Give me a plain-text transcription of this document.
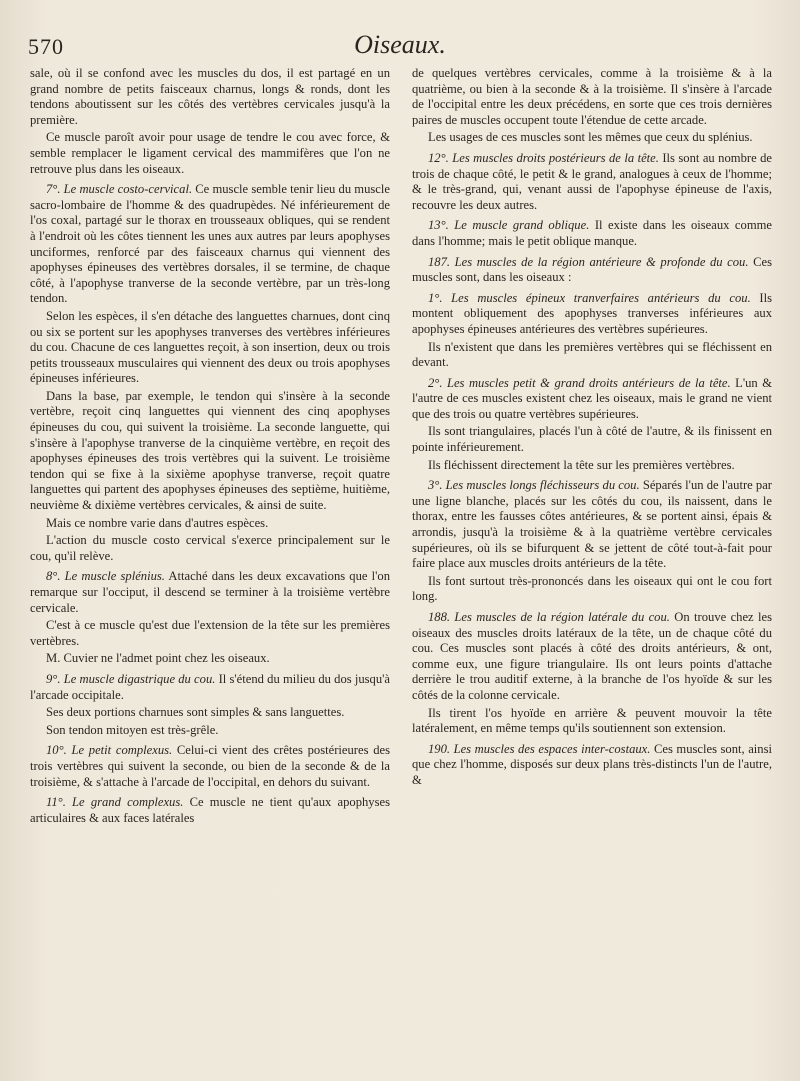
570	Oiseaux.

sale, où il se confond avec les muscles du dos, il est partagé en un grand nombre de petits faisceaux charnus, longs & ronds, dont les tendons aboutissent sur les côtés des vertèbres cervicales jusqu'à la première.

Ce muscle paroît avoir pour usage de tendre le cou avec force, & semble remplacer le ligament cervical des mammifères que l'on ne retrouve plus dans les oiseaux.

7°. Le muscle costo-cervical. Ce muscle semble tenir lieu du muscle sacro-lombaire de l'homme & des quadrupèdes. Né inférieurement de l'os coxal, partagé sur le thorax en trousseaux obliques, qui se rendent à l'endroit où les côtes tiennent les unes aux autres par leurs apophyses unciformes, renforcé par des faisceaux charnus qui viennent des apophyses épineuses des vertèbres dorsales, il se termine, de chaque côté, à l'apophyse tranverse de la seconde vertèbre, par un très-long tendon.

Selon les espèces, il s'en détache des languettes charnues, dont cinq ou six se portent sur les apophyses tranverses des vertèbres inférieures du cou. Chacune de ces languettes reçoit, à son insertion, deux ou trois petits trousseaux musculaires qui viennent des deux ou trois apophyses épineuses inférieures.

Dans la base, par exemple, le tendon qui s'insère à la seconde vertèbre, reçoit cinq languettes qui viennent des cinq apophyses épineuses du cou, qui suivent la troisième. La seconde languette, qui s'insère à l'apophyse tranverse de la cinquième vertèbre, en reçoit des apophyses épineuses des trois vertèbres qui la suivent. Le troisième tendon qui se fixe à la sixième apophyse tranverse, reçoit quatre languettes qui partent des apophyses épineuses des septième, huitième, neuvième & dixième vertèbres cervicales, & ainsi de suite.

Mais ce nombre varie dans d'autres espèces.

L'action du muscle costo cervical s'exerce principalement sur le cou, qu'il relève.

8°. Le muscle splénius. Attaché dans les deux excavations que l'on remarque sur l'occiput, il descend se terminer à la troisième vertèbre cervicale.

C'est à ce muscle qu'est due l'extension de la tête sur les premières vertèbres.

M. Cuvier ne l'admet point chez les oiseaux.

9°. Le muscle digastrique du cou. Il s'étend du milieu du dos jusqu'à l'arcade occipitale.

Ses deux portions charnues sont simples & sans languettes.

Son tendon mitoyen est très-grêle.

10°. Le petit complexus. Celui-ci vient des crêtes postérieures des trois vertèbres qui suivent la seconde, ou bien de la seconde & de la troisième, & s'attache à l'arcade de l'occipital, en dehors du suivant.

11°. Le grand complexus. Ce muscle ne tient qu'aux apophyses articulaires & aux faces latérales

de quelques vertèbres cervicales, comme à la troisième & à la quatrième, ou bien à la seconde & à la troisième. Il s'insère à l'arcade de l'occipital entre les deux précédens, en sorte que ces trois dernières paires de muscles occupent toute l'étendue de cette arcade.

Les usages de ces muscles sont les mêmes que ceux du splénius.

12°. Les muscles droits postérieurs de la tête. Ils sont au nombre de trois de chaque côté, le petit & le grand, analogues à ceux de l'homme; & le très-grand, qui, venant aussi de l'apophyse épineuse de l'axis, recouvre les deux autres.

13°. Le muscle grand oblique. Il existe dans les oiseaux comme dans l'homme; mais le petit oblique manque.

187. Les muscles de la région antérieure & profonde du cou. Ces muscles sont, dans les oiseaux :

1°. Les muscles épineux tranverfaires antérieurs du cou. Ils montent obliquement des apophyses tranverses inférieures aux apophyses épineuses antérieures des vertèbres supérieures.

Ils n'existent que dans les premières vertèbres qui se fléchissent en devant.

2°. Les muscles petit & grand droits antérieurs de la tête. L'un & l'autre de ces muscles existent chez les oiseaux, mais le grand ne vient que des trois ou quatre vertèbres supérieures.

Ils sont triangulaires, placés l'un à côté de l'autre, & ils finissent en pointe inférieurement.

Ils fléchissent directement la tête sur les premières vertèbres.

3°. Les muscles longs fléchisseurs du cou. Séparés l'un de l'autre par une ligne blanche, placés sur les côtés du cou, ils naissent, dans le thorax, entre les fausses côtes antérieures, & se portent ainsi, épais & arrondis, jusqu'à la troisième & à la quatrième vertèbre cervicales supérieures, où ils se bifurquent & se jettent de côté tout-à-fait pour faire place aux muscles droits antérieurs de la tête.

Ils font surtout très-prononcés dans les oiseaux qui ont le cou fort long.

188. Les muscles de la région latérale du cou. On trouve chez les oiseaux des muscles droits latéraux de la tête, un de chaque côté du cou. Ces muscles sont placés à côté des droits antérieurs, & ont, comme eux, une figure triangulaire. Ils ont leurs points d'attache derrière le trou auditif externe, à la branche de l'os hyoïde & sur les côtés de la colonne cervicale.

Ils tirent l'os hyoïde en arrière & peuvent mouvoir la tête latéralement, en même temps qu'ils soutiennent son extension.

190. Les muscles des espaces inter-costaux. Ces muscles sont, ainsi que chez l'homme, disposés sur deux plans très-distincts l'un de l'autre, &
